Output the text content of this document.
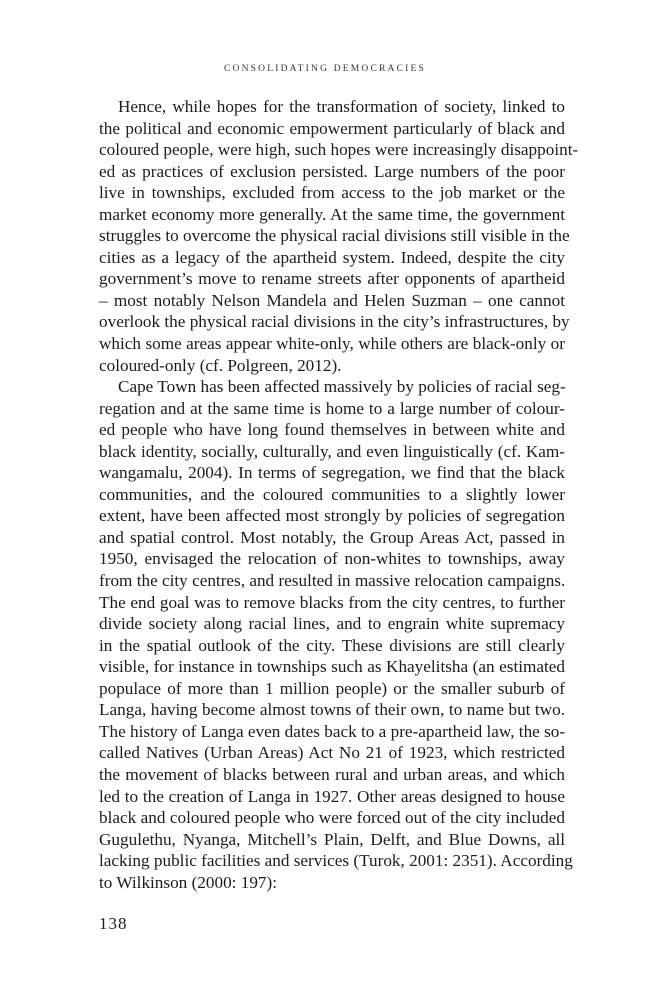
CONSOLIDATING DEMOCRACIES
Hence, while hopes for the transformation of society, linked to
the political and economic empowerment particularly of black and
coloured people, were high, such hopes were increasingly disappoint-
ed as practices of exclusion persisted. Large numbers of the poor
live in townships, excluded from access to the job market or the
market economy more generally. At the same time, the government
struggles to overcome the physical racial divisions still visible in the
cities as a legacy of the apartheid system. Indeed, despite the city
government’s move to rename streets after opponents of apartheid
– most notably Nelson Mandela and Helen Suzman – one cannot
overlook the physical racial divisions in the city’s infrastructures, by
which some areas appear white-only, while others are black-only or
coloured-only (cf. Polgreen, 2012).
Cape Town has been affected massively by policies of racial seg-
regation and at the same time is home to a large number of colour-
ed people who have long found themselves in between white and
black identity, socially, culturally, and even linguistically (cf. Kam-
wangamalu, 2004). In terms of segregation, we find that the black
communities, and the coloured communities to a slightly lower
extent, have been affected most strongly by policies of segregation
and spatial control. Most notably, the Group Areas Act, passed in
1950, envisaged the relocation of non-whites to townships, away
from the city centres, and resulted in massive relocation campaigns.
The end goal was to remove blacks from the city centres, to further
divide society along racial lines, and to engrain white supremacy
in the spatial outlook of the city. These divisions are still clearly
visible, for instance in townships such as Khayelitsha (an estimated
populace of more than 1 million people) or the smaller suburb of
Langa, having become almost towns of their own, to name but two.
The history of Langa even dates back to a pre-apartheid law, the so-
called Natives (Urban Areas) Act No 21 of 1923, which restricted
the movement of blacks between rural and urban areas, and which
led to the creation of Langa in 1927. Other areas designed to house
black and coloured people who were forced out of the city included
Gugulethu, Nyanga, Mitchell’s Plain, Delft, and Blue Downs, all
lacking public facilities and services (Turok, 2001: 2351). According
to Wilkinson (2000: 197):
138
